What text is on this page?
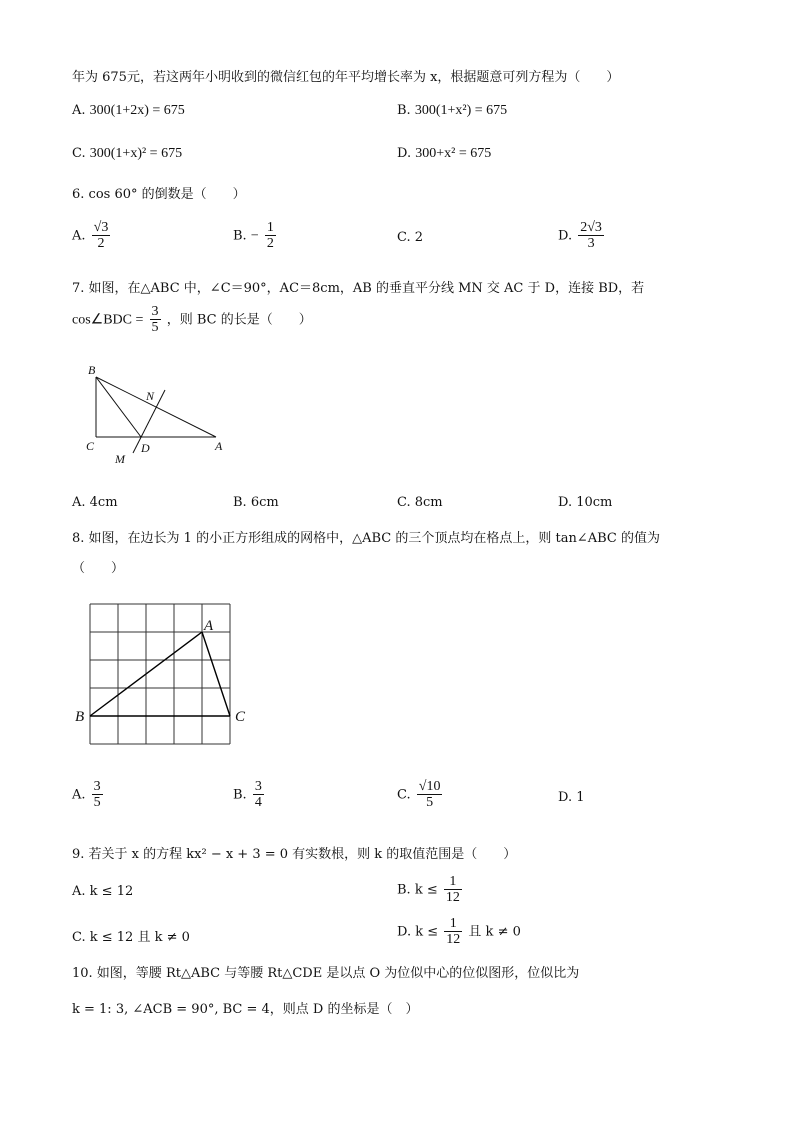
年为 675元，若这两年小明收到的微信红包的年平均增长率为 x，根据题意可列方程为（　　）
A. 300(1+2x) = 675	B. 300(1+x²) = 675
C. 300(1+x)² = 675	D. 300+x² = 675
6. cos 60° 的倒数是（　　）
A. $\frac{√3}{2}$	B. − $\frac{1}{2}$	C. 2	D. $\frac{2√3}{3}$
7. 如图，在△ABC 中，∠C＝90°，AC＝8cm，AB 的垂直平分线 MN 交 AC 于 D，连接 BD，若
cos∠BDC = $\frac{3}{5}$ ，则 BC 的长是（　　）
B
N
C	D	A
M
A. 4cm	B. 6cm	C. 8cm	D. 10cm
8. 如图，在边长为 1 的小正方形组成的网格中，△ABC 的三个顶点均在格点上，则 tan∠ABC 的值为
（　　）
A
B	C
A. $\frac{3}{5}$	B. $\frac{3}{4}$	C. $\frac{√10}{5}$	D. 1
9. 若关于 x 的方程 kx² − x + 3 = 0 有实数根，则 k 的取值范围是（　　）
A. k ≤ 12	B. $k \le \frac{1}{12}$
C. k ≤ 12 且 k ≠ 0	D. $k \le \frac{1}{12}$ 且 k ≠ 0
10. 如图，等腰 Rt△ABC 与等腰 Rt△CDE 是以点 O 为位似中心的位似图形，位似比为
k = 1: 3, ∠ACB = 90°, BC = 4，则点 D 的坐标是（　）
